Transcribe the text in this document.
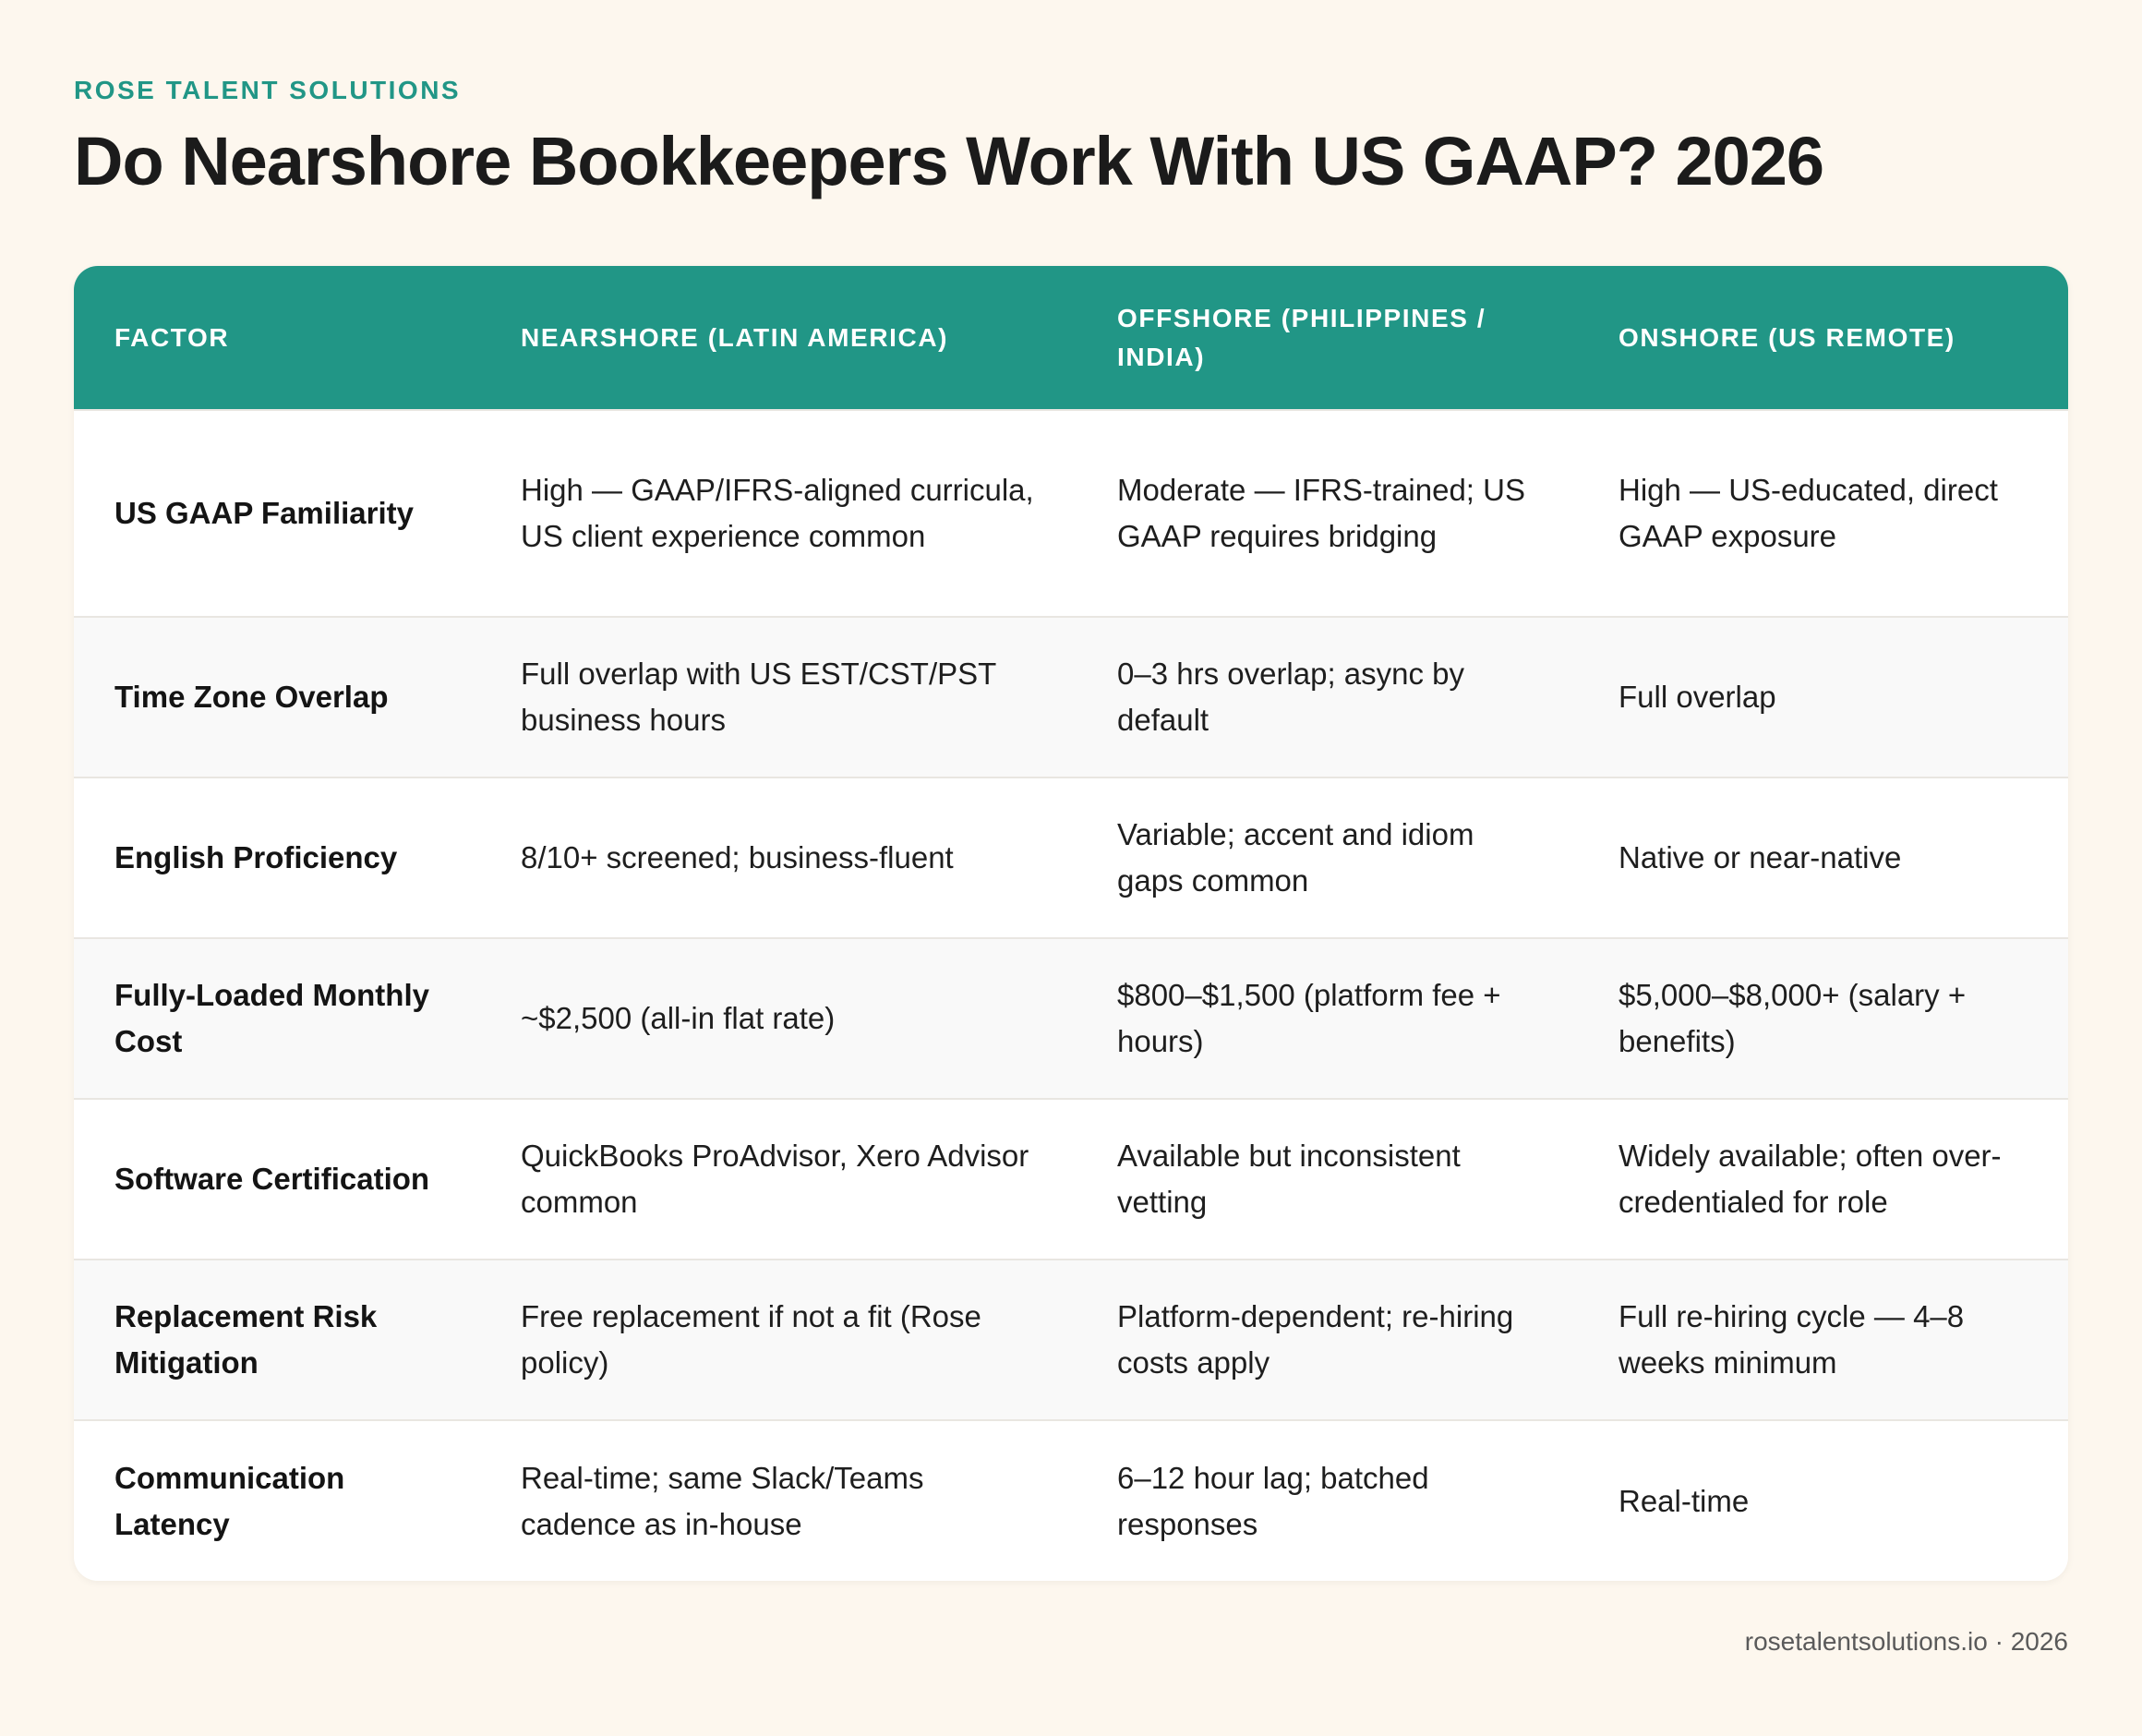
ROSE TALENT SOLUTIONS
Do Nearshore Bookkeepers Work With US GAAP? 2026
FACTOR	NEARSHORE (LATIN AMERICA)	OFFSHORE (PHILIPPINES / INDIA)	ONSHORE (US REMOTE)
US GAAP Familiarity	High — GAAP/IFRS-aligned curricula, US client experience common	Moderate — IFRS-trained; US GAAP requires bridging	High — US-educated, direct GAAP exposure
Time Zone Overlap	Full overlap with US EST/CST/PST business hours	0–3 hrs overlap; async by default	Full overlap
English Proficiency	8/10+ screened; business-fluent	Variable; accent and idiom gaps common	Native or near-native
Fully-Loaded Monthly Cost	~$2,500 (all-in flat rate)	$800–$1,500 (platform fee + hours)	$5,000–$8,000+ (salary + benefits)
Software Certification	QuickBooks ProAdvisor, Xero Advisor common	Available but inconsistent vetting	Widely available; often over-credentialed for role
Replacement Risk Mitigation	Free replacement if not a fit (Rose policy)	Platform-dependent; re-hiring costs apply	Full re-hiring cycle — 4–8 weeks minimum
Communication Latency	Real-time; same Slack/Teams cadence as in-house	6–12 hour lag; batched responses	Real-time
rosetalentsolutions.io · 2026
